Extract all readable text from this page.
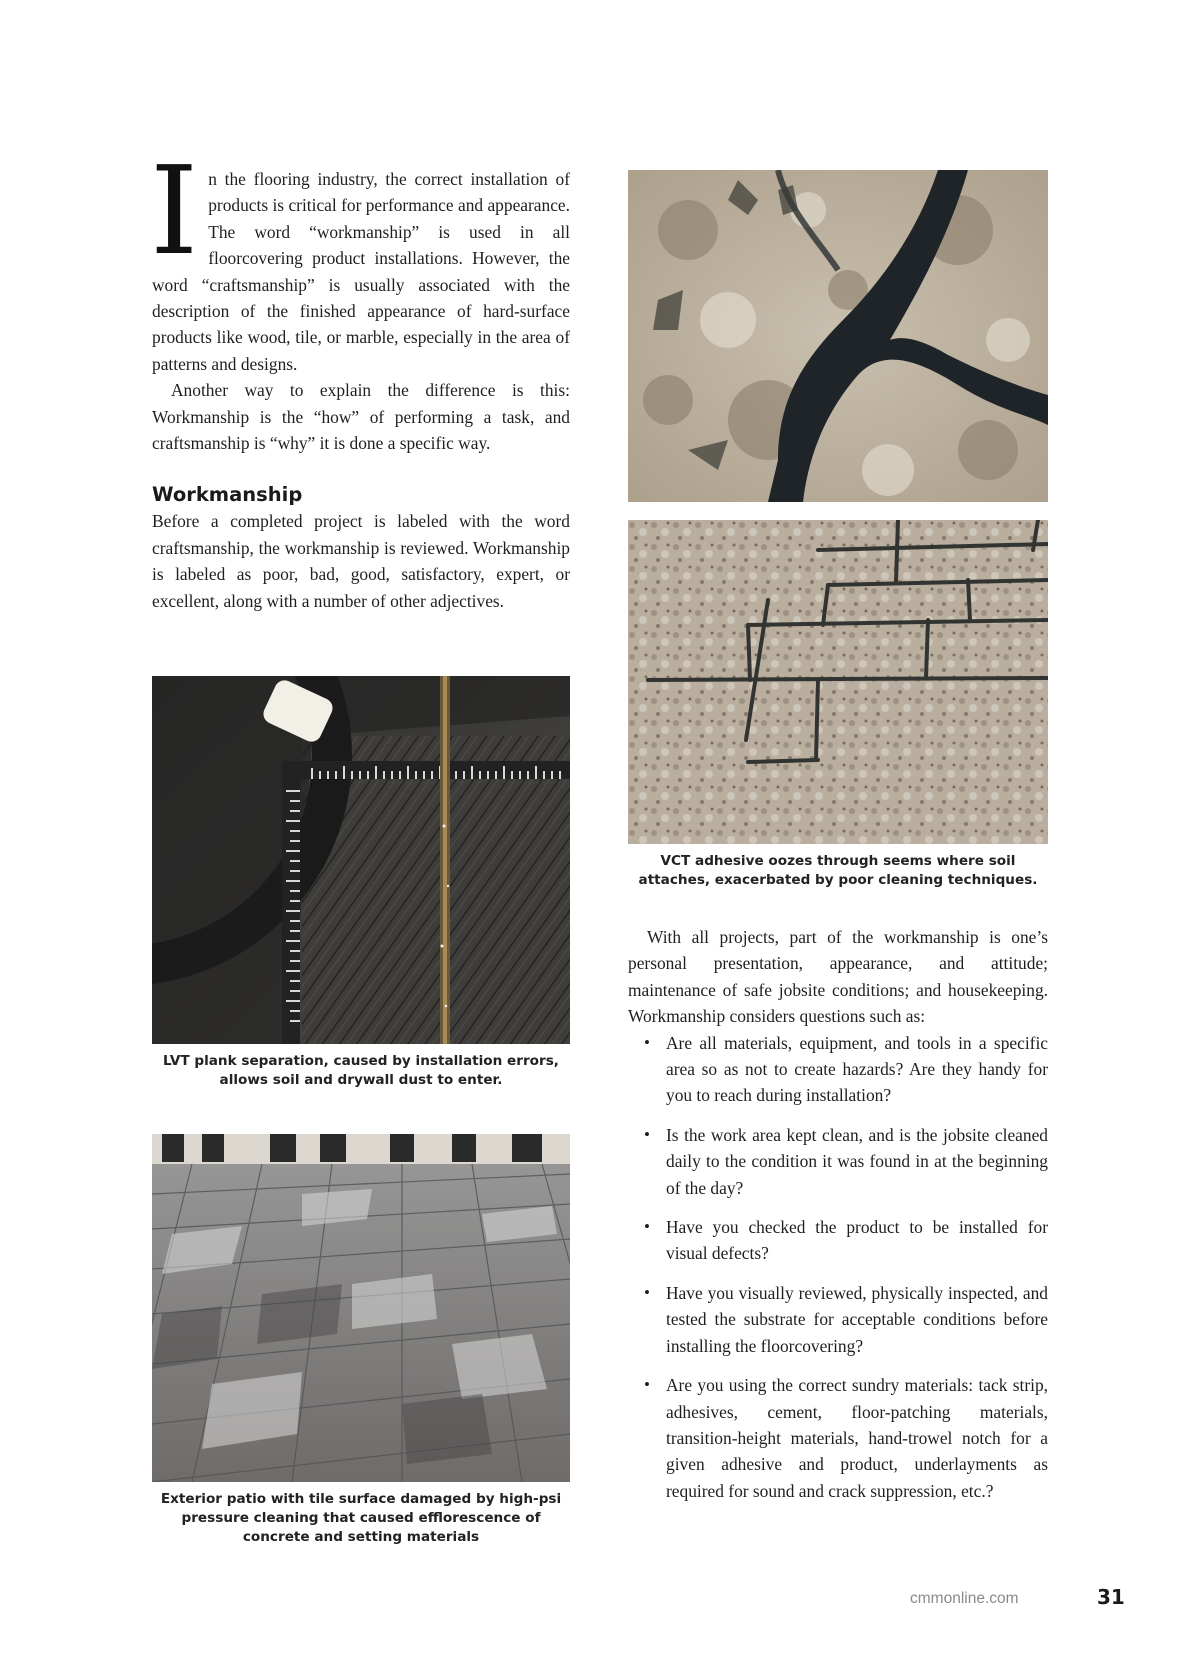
In the flooring industry, the correct installation of products is critical for performance and appearance. The word “workmanship” is used in all floorcovering product installations. However, the word “craftsmanship” is usually associated with the description of the finished appearance of hard-surface products like wood, tile, or marble, especially in the area of patterns and designs.

Another way to explain the difference is this: Workmanship is the “how” of performing a task, and craftsmanship is “why” it is done a specific way.

Workmanship

Before a completed project is labeled with the word craftsmanship, the workmanship is reviewed. Workmanship is labeled as poor, bad, good, satisfactory, expert, or excellent, along with a number of other adjectives.

LVT plank separation, caused by installation errors, allows soil and drywall dust to enter.
Exterior patio with tile surface damaged by high-psi pressure cleaning that caused efflorescence of concrete and setting materials
VCT adhesive oozes through seems where soil attaches, exacerbated by poor cleaning techniques.

With all projects, part of the workmanship is one’s personal presentation, appearance, and attitude; maintenance of safe jobsite conditions; and housekeeping. Workmanship considers questions such as:

• Are all materials, equipment, and tools in a specific area so as not to create hazards? Are they handy for you to reach during installation?
• Is the work area kept clean, and is the jobsite cleaned daily to the condition it was found in at the beginning of the day?
• Have you checked the product to be installed for visual defects?
• Have you visually reviewed, physically inspected, and tested the substrate for acceptable conditions before installing the floorcovering?
• Are you using the correct sundry materials: tack strip, adhesives, cement, floor-patching materials, transition-height materials, hand-trowel notch for a given adhesive and product, underlayments as required for sound and crack suppression, etc.?
cmmonline.com	31
